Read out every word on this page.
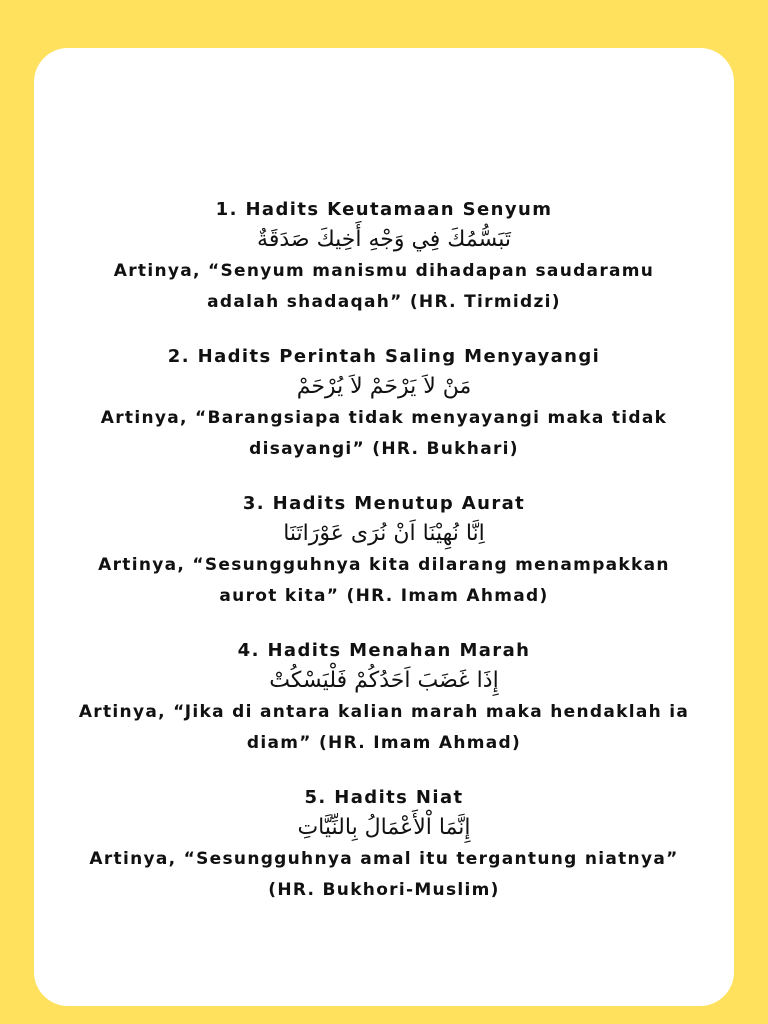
1. Hadits Keutamaan Senyum
تَبَسُّمُكَ فِي وَجْهِ أَخِيكَ صَدَقَةٌ
Artinya, “Senyum manismu dihadapan saudaramu adalah shadaqah” (HR. Tirmidzi)
2. Hadits Perintah Saling Menyayangi
مَنْ لاَ يَرْحَمْ لاَ يُرْحَمْ
Artinya, “Barangsiapa tidak menyayangi maka tidak disayangi” (HR. Bukhari)
3. Hadits Menutup Aurat
اِنَّا نُهِيْنَا اَنْ نُرَى عَوْرَاتَنَا
Artinya, “Sesungguhnya kita dilarang menampakkan aurot kita” (HR. Imam Ahmad)
4. Hadits Menahan Marah
إِذَا غَضَبَ اَحَدُكُمْ فَلْيَسْكُتْ
Artinya, “Jika di antara kalian marah maka hendaklah ia diam” (HR. Imam Ahmad)
5. Hadits Niat
إِنَّمَا اْلأَعْمَالُ بِالنِّيَّاتِ
Artinya, “Sesungguhnya amal itu tergantung niatnya” (HR. Bukhori-Muslim)
